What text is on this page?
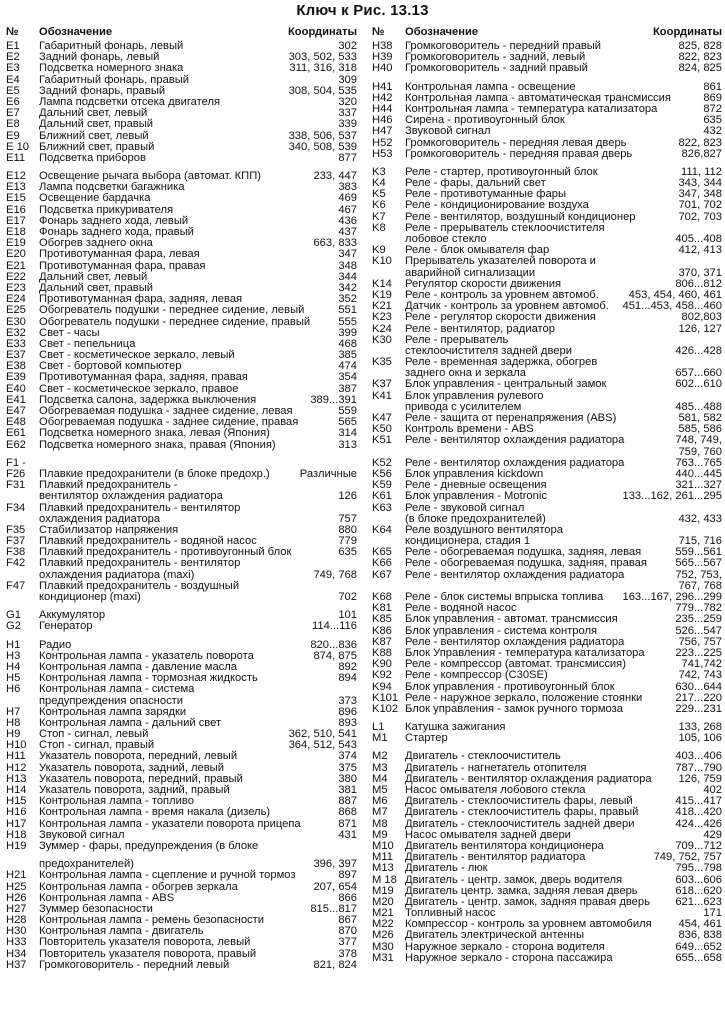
Ключ к Рис. 13.13
№ Обозначение	Координаты
E1 Габаритный фонарь, левый	302
E2 Задний фонарь, левый	303, 502, 533
E3 Подсветка номерного знака	311, 316, 318
E4 Габаритный фонарь, правый	309
E5 Задний фонарь, правый	308, 504, 535
E6 Лампа подсветки отсека двигателя	320
E7 Дальний свет, левый	337
E8 Дальний свет, правый	339
E9 Ближний свет, левый	338, 506, 537
E 10 Ближний свет, правый	340, 508, 539
E11 Подсветка приборов	877
E12 Освещение рычага выбора (автомат. КПП)	233, 447
E13 Лампа подсветки багажника	383
E15 Освещение бардачка	469
E16 Подсветка прикуривателя	467
E17 Фонарь заднего хода, левый	436
E18 Фонарь заднего хода, правый	437
E19 Обогрев заднего окна	663, 833
E20 Противотуманная фара, левая	347
E21 Противотуманная фара, правая	348
E22 Дальний свет, левый	344
E23 Дальний свет, правый	342
E24 Противотуманная фара, задняя, левая	352
E25 Обогреватель подушки - переднее сидение, левый	551
E30 Обогреватель подушки - переднее сидение, правый	555
E32 Свет - часы	399
E33 Свет - пепельница	468
E37 Свет - косметическое зеркало, левый	385
E38 Свет - бортовой компьютер	474
E39 Противотуманная фара, задняя, правая	354
E40 Свет - косметическое зеркало, правое	387
E41 Подсветка салона, задержка выключения	389...391
E47 Обогреваемая подушка - заднее сидение, левая	559
E48 Обогреваемая подушка - заднее сидение, правая	565
E61 Подсветка номерного знака, левая (Япония)	314
E62 Подсветка номерного знака, правая (Япония)	313
F1 -
F26 Плавкие предохранители (в блоке предохр.)	Различные
F31 Плавкий предохранитель -
вентилятор охлаждения радиатора	126
F34 Плавкий предохранитель - вентилятор
охлаждения радиатора	757
F35 Стабилизатор напряжения	880
F37 Плавкий предохранитель - водяной насос	779
F38 Плавкий предохранитель - противоугонный блок	635
F42 Плавкий предохранитель - вентилятор
охлаждения радиатора (maxi)	749, 768
F47 Плавкий предохранитель - воздушный
кондиционер (maxi)	702
G1 Аккумулятор	101
G2 Генератор	114...116
H1 Радио	820...836
H3 Контрольная лампа - указатель поворота	874, 875
H4 Контрольная лампа - давление масла	892
H5 Контрольная лампа - тормозная жидкость	894
H6 Контрольная лампа - система
предупреждения опасности	373
H7 Контрольная лампа зарядки	896
H8 Контрольная лампа - дальний свет	893
H9 Стоп - сигнал, левый	362, 510, 541
H10 Стоп - сигнал, правый	364, 512, 543
H11 Указатель поворота, передний, левый	374
H12 Указатель поворота, задний, левый	375
H13 Указатель поворота, передний, правый	380
H14 Указатель поворота, задний, правый	381
H15 Контрольная лампа - топливо	887
H16 Контрольная лампа - время накала (дизель)	868
H17 Контрольная лампа - указатели поворота прицепа	871
H18 Звуковой сигнал	431
H19 Зуммер - фары, предупреждения (в блоке
предохранителей)	396, 397
H21 Контрольная лампа - сцепление и ручной тормоз	897
H25 Контрольная лампа - обогрев зеркала	207, 654
H26 Контрольная лампа - ABS	866
H27 Зуммер безопасности	815...817
H28 Контрольная лампа - ремень безопасности	867
H30 Контрольная лампа - двигатель	870
H33 Повторитель указателя поворота, левый	377
H34 Повторитель указателя поворота, правый	378
H37 Громкоговоритель - передний левый	821, 824
№ Обозначение	Координаты
H38 Громкоговоритель - передний правый	825, 828
H39 Громкоговоритель - задний, левый	822, 823
H40 Громкоговоритель - задний правый	824, 825
H41 Контрольная лампа - освещение	861
H42 Контрольная лампа - автоматическая трансмиссия	869
H44 Контрольная лампа - температура катализатора	872
H46 Сирена - противоугонный блок	635
H47 Звуковой сигнал	432
H52 Громкоговоритель - передняя левая дверь	822, 823
H53 Громкоговоритель - передняя правая дверь	826,827
K3 Реле - стартер, противоугонный блок	111, 112
K4 Реле - фары, дальний свет	343, 344
K5 Реле - противотуманные фары	347, 348
K6 Реле - кондиционирование воздуха	701, 702
K7 Реле - вентилятор, воздушный кондиционер	702, 703
K8 Реле - прерыватель стеклоочистителя
лобовое стекло	405...408
K9 Реле - блок омывателя фар	412, 413
K10 Прерыватель указателей поворота и
аварийной сигнализации	370, 371
K14 Регулятор скорости движения	806...812
K19 Реле - контроль за уровнем автомоб.	453, 454, 460, 461
K21 Датчик - контроль за уровнем автомоб. 451...453, 458...460
K23 Реле - регулятор скорости движения	802,803
K24 Реле - вентилятор, радиатор	126, 127
K30 Реле - прерыватель
стеклоочистителя задней двери	426...428
K35 Реле - временная задержка, обогрев
заднего окна и зеркала	657...660
K37 Блок управления - центральный замок	602...610
K41 Блок управления рулевого
привода с усилителем	485...488
K47 Реле - защита от перенапряжения (ABS)	581, 582
K50 Контроль времени - ABS	585, 586
K51 Реле - вентилятор охлаждения радиатора	748, 749,
759, 760
K52 Реле - вентилятор охлаждения радиатора	763...765
K56 Блок управления kickdown	440...445
K59 Реле - дневные освещения	321...327
K61 Блок управления - Motronic	133...162, 261...295
K63 Реле - звуковой сигнал
(в блоке предохранителей)	432, 433
K64 Реле воздушного вентилятора
кондиционера, стадия 1	715, 716
K65 Реле - обогреваемая подушка, задняя, левая	559...561
K66 Реле - обогреваемая подушка, задняя, правая	565...567
K67 Реле - вентилятор охлаждения радиатора	752, 753,
767, 768
K68 Реле - блок системы впрыска топлива 163...167, 296...299
K81 Реле - водяной насос	779...782
K85 Блок управления - автомат. трансмиссия	235...259
K86 Блок управления - система контроля	526...547
K87 Реле - вентилятор охлаждения радиатора	756, 757
K88 Блок Управления - температура катализатора	223...225
K90 Реле - компрессор (автомат. трансмиссия)	741,742
K92 Реле - компрессор (C30SE)	742, 743
K94 Блок управления - противоугонный блок	630...644
K101 Реле - наружное зеркало, положение стоянки	217...220
K102 Блок управления - замок ручного тормоза	229...231
L1 Катушка зажигания	133, 268
M1 Стартер	105, 106
M2 Двигатель - стеклоочиститель	403...406
M3 Двигатель - нагнетатель отопителя	787...790
M4 Двигатель - вентилятор охлаждения радиатора 126, 759
M5 Насос омывателя лобового стекла	402
M6 Двигатель - стеклоочиститель фары, левый	415...417
M7 Двигатель - стеклоочиститель фары, правый	418...420
M8 Двигатель - стеклоочиститель задней двери	424...426
M9 Насос омывателя задней двери	429
M10 Двигатель вентилятора кондиционера	709...712
M11 Двигатель - вентилятор радиатора	749, 752, 757
M13 Двигатель - люк	795...798
M 18 Двигатель - центр. замок, дверь водителя	603...606
M19 Двигатель центр. замка, задняя левая дверь	618...620
M20 Двигатель - центр. замок, задняя правая дверь 621...623
M21 Топливный насос	171
M22 Компрессор - контроль за уровнем автомобиля 454, 461
M26 Двигатель электрической антенны	836, 838
M30 Наружное зеркало - сторона водителя	649...652
M31 Наружное зеркало - сторона пассажира	655...658
